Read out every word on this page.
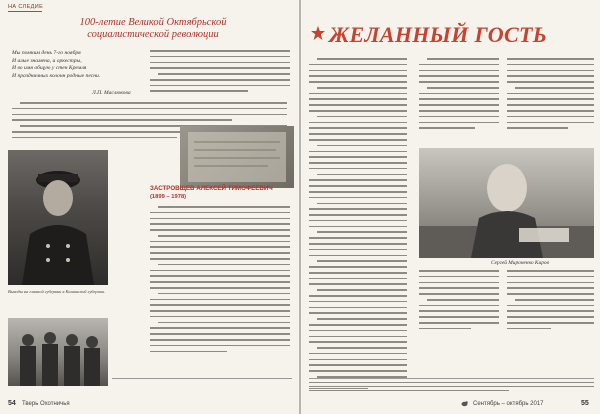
НА СЛЕДИЕ
100-летие Великой Октябрьской
социалистической революции
Мы помним день 7-го ноября
И алые знамена, и оркестры,
И во имя общую у стен Кремля
И праздничных колонн родные песни.
Л.П. Маслюкова
ЗАСТРОВЩЕВ АЛЕКСЕЙ ТИМОФЕЕВИЧ
(1899 – 1978)
Выводы на главной губернии в Кашинской губернии.
54 Тверь Охотничья
ЖЕЛАННЫЙ ГОСТЬ
Сергей Мироненко Киров
Сентябрь – октябрь 2017	55
